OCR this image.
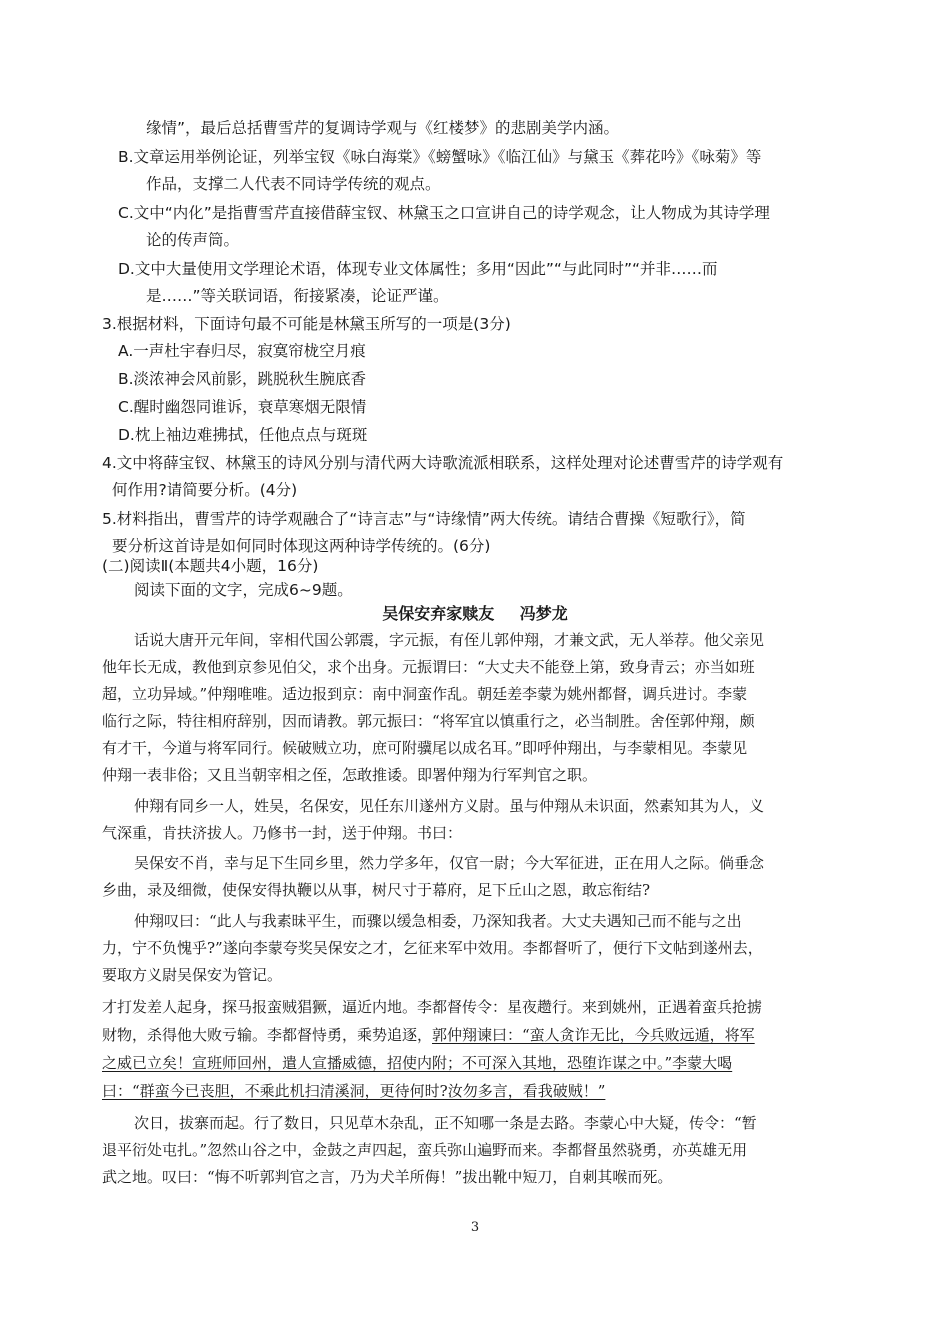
缘情”，最后总括曹雪芹的复调诗学观与《红楼梦》的悲剧美学内涵。
B.文章运用举例论证，列举宝钗《咏白海棠》《螃蟹咏》《临江仙》与黛玉《葬花吟》《咏菊》等
作品，支撑二人代表不同诗学传统的观点。
C.文中“内化”是指曹雪芹直接借薛宝钗、林黛玉之口宣讲自己的诗学观念，让人物成为其诗学理
论的传声筒。
D.文中大量使用文学理论术语，体现专业文体属性；多用“因此”“与此同时”“并非……而
是……”等关联词语，衔接紧凑，论证严谨。
3.根据材料，下面诗句最不可能是林黛玉所写的一项是(3分)
A.一声杜宇春归尽，寂寞帘栊空月痕
B.淡浓神会风前影，跳脱秋生腕底香
C.醒时幽怨同谁诉，衰草寒烟无限情
D.枕上袖边难拂拭，任他点点与斑斑
4.文中将薛宝钗、林黛玉的诗风分别与清代两大诗歌流派相联系，这样处理对论述曹雪芹的诗学观有
何作用?请简要分析。(4分)
5.材料指出，曹雪芹的诗学观融合了“诗言志”与“诗缘情”两大传统。请结合曹操《短歌行》，简
要分析这首诗是如何同时体现这两种诗学传统的。(6分)
(二)阅读Ⅱ(本题共4小题，16分)
阅读下面的文字，完成6~9题。
吴保安弃家赎友 冯梦龙
话说大唐开元年间，宰相代国公郭震，字元振，有侄儿郭仲翔，才兼文武，无人举荐。他父亲见
他年长无成，教他到京参见伯父，求个出身。元振谓曰：“大丈夫不能登上第，致身青云；亦当如班
超，立功异域。”仲翔唯唯。适边报到京：南中洞蛮作乱。朝廷差李蒙为姚州都督，调兵进讨。李蒙
临行之际，特往相府辞别，因而请教。郭元振曰：“将军宜以慎重行之，必当制胜。舍侄郭仲翔，颇
有才干，今道与将军同行。候破贼立功，庶可附骥尾以成名耳。”即呼仲翔出，与李蒙相见。李蒙见
仲翔一表非俗；又且当朝宰相之侄，怎敢推诿。即署仲翔为行军判官之职。
仲翔有同乡一人，姓吴，名保安，见任东川遂州方义尉。虽与仲翔从未识面，然素知其为人，义
气深重，肯扶济拔人。乃修书一封，送于仲翔。书曰：
吴保安不肖，幸与足下生同乡里，然力学多年，仅官一尉；今大军征进，正在用人之际。倘垂念
乡曲，录及细微，使保安得执鞭以从事，树尺寸于幕府，足下丘山之恩，敢忘衔结?
仲翔叹曰：“此人与我素昧平生，而骤以缓急相委，乃深知我者。大丈夫遇知己而不能与之出
力，宁不负愧乎?”遂向李蒙夸奖吴保安之才，乞征来军中效用。李都督听了，便行下文帖到遂州去，
要取方义尉吴保安为管记。
才打发差人起身，探马报蛮贼猖獗，逼近内地。李都督传令：星夜趱行。来到姚州，正遇着蛮兵抢掳
财物，杀得他大败亏输。李都督恃勇，乘势追逐，郭仲翔谏曰：“蛮人贪诈无比，今兵败远遁，将军
之威已立矣！宣班师回州，遣人宣播威德，招使内附；不可深入其地，恐堕诈谋之中。”李蒙大喝
曰：“群蛮今已丧胆，不乘此机扫清溪洞，更待何时?汝勿多言，看我破贼！”
次日，拔寨而起。行了数日，只见草木杂乱，正不知哪一条是去路。李蒙心中大疑，传令：“暂
退平衍处屯扎。”忽然山谷之中，金鼓之声四起，蛮兵弥山遍野而来。李都督虽然骁勇，亦英雄无用
武之地。叹曰：“悔不听郭判官之言，乃为犬羊所侮！”拔出靴中短刀，自刺其喉而死。
3
